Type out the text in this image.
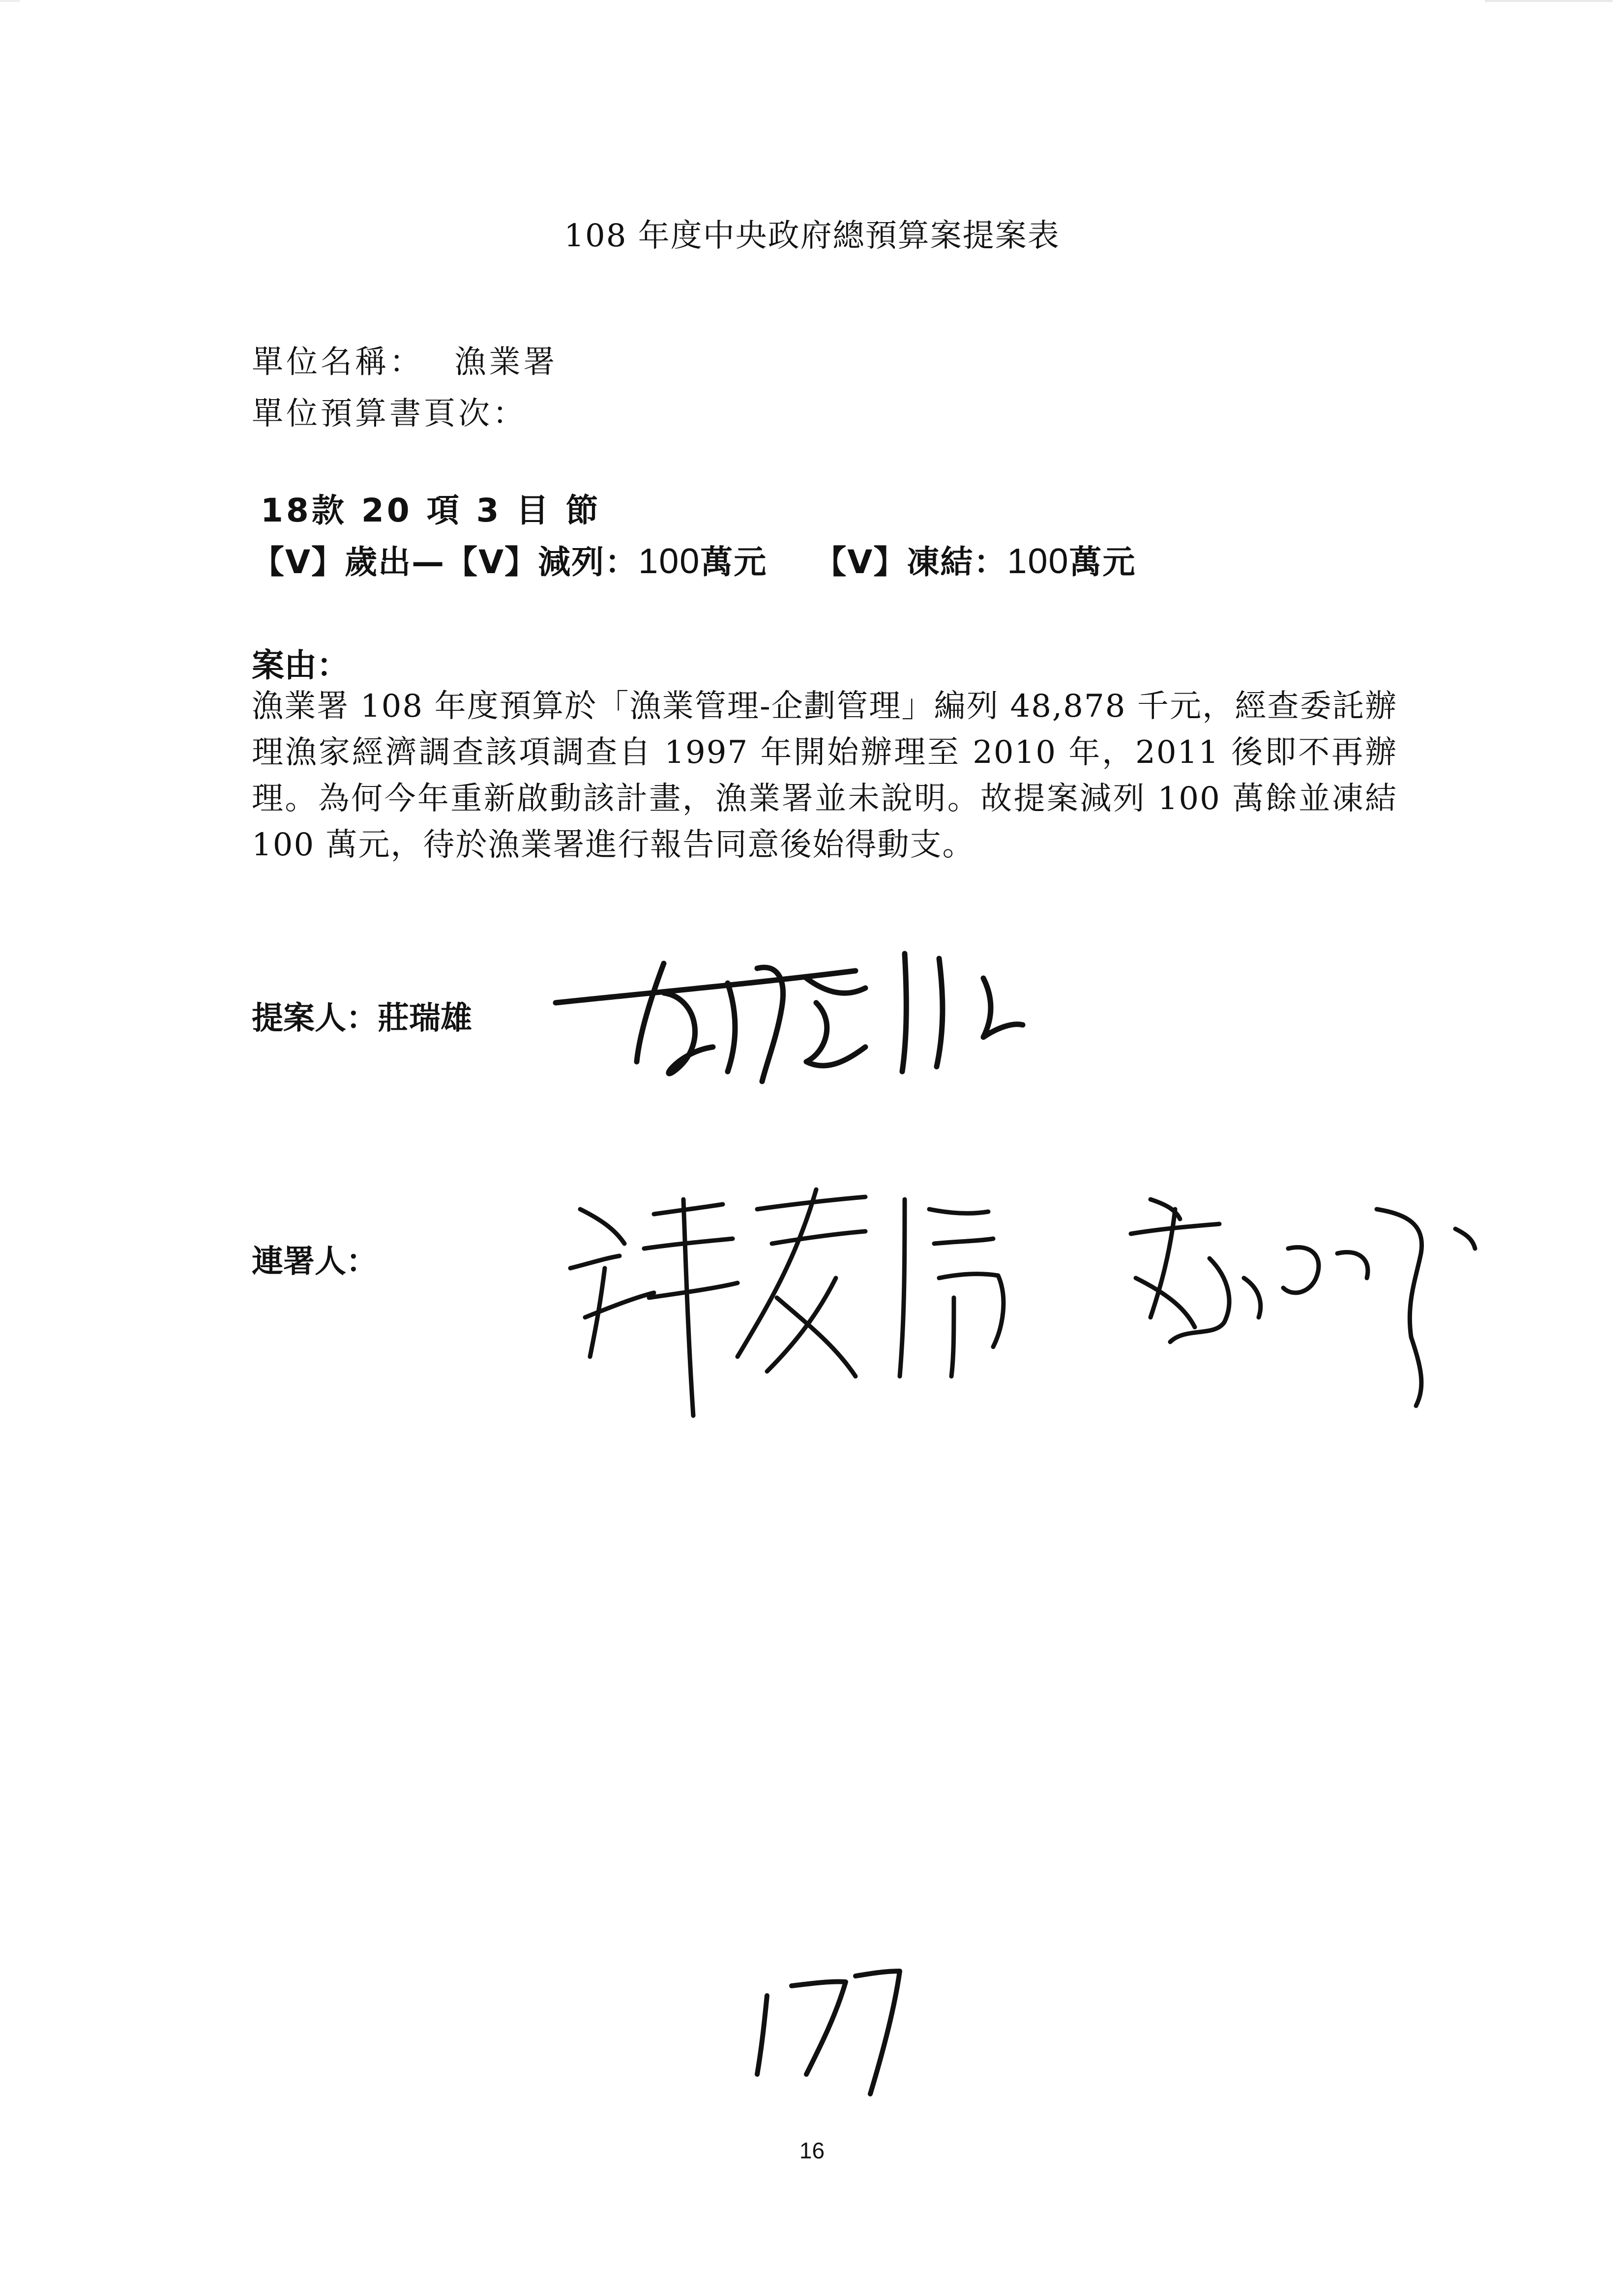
108 年度中央政府總預算案提案表
單位名稱： 漁業署
單位預算書頁次：
18款 20 項 3 目 節
【V】歲出—【V】減列：100萬元 【V】凍結：100萬元
案由：
漁業署 108 年度預算於「漁業管理-企劃管理」編列 48,878 千元，經查委託辦理漁家經濟調查該項調查自 1997 年開始辦理至 2010 年，2011 後即不再辦理。為何今年重新啟動該計畫，漁業署並未說明。故提案減列 100 萬餘並凍結 100 萬元，待於漁業署進行報告同意後始得動支。
提案人：莊瑞雄
連署人：
16
